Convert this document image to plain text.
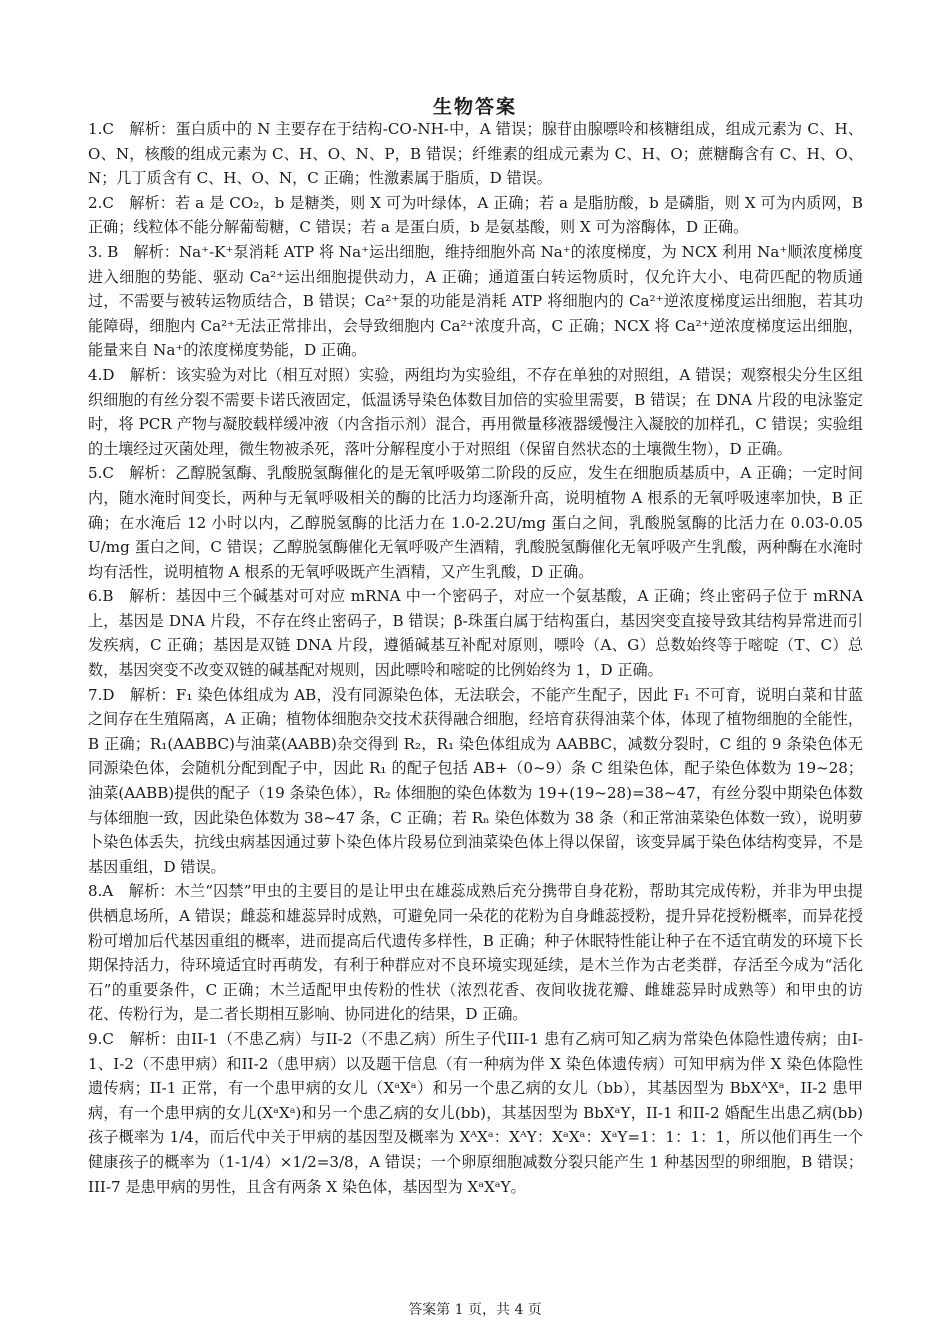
生物答案

1.C　解析：蛋白质中的 N 主要存在于结构-CO-NH-中，A 错误；腺苷由腺嘌呤和核糖组成，组成元素为 C、H、O、N，核酸的组成元素为 C、H、O、N、P，B 错误；纤维素的组成元素为 C、H、O；蔗糖酶含有 C、H、O、N；几丁质含有 C、H、O、N，C 正确；性激素属于脂质，D 错误。

2.C　解析：若 a 是 CO₂，b 是糖类，则 X 可为叶绿体，A 正确；若 a 是脂肪酸，b 是磷脂，则 X 可为内质网，B 正确；线粒体不能分解葡萄糖，C 错误；若 a 是蛋白质，b 是氨基酸，则 X 可为溶酶体，D 正确。

3. B　解析：Na⁺-K⁺泵消耗 ATP 将 Na⁺运出细胞，维持细胞外高 Na⁺的浓度梯度，为 NCX 利用 Na⁺顺浓度梯度进入细胞的势能、驱动 Ca²⁺运出细胞提供动力，A 正确；通道蛋白转运物质时，仅允许大小、电荷匹配的物质通过，不需要与被转运物质结合，B 错误；Ca²⁺泵的功能是消耗 ATP 将细胞内的 Ca²⁺逆浓度梯度运出细胞，若其功能障碍，细胞内 Ca²⁺无法正常排出，会导致细胞内 Ca²⁺浓度升高，C 正确；NCX 将 Ca²⁺逆浓度梯度运出细胞，能量来自 Na⁺的浓度梯度势能，D 正确。

4.D　解析：该实验为对比（相互对照）实验，两组均为实验组，不存在单独的对照组，A 错误；观察根尖分生区组织细胞的有丝分裂不需要卡诺氏液固定，低温诱导染色体数目加倍的实验里需要，B 错误；在 DNA 片段的电泳鉴定时，将 PCR 产物与凝胶载样缓冲液（内含指示剂）混合，再用微量移液器缓慢注入凝胶的加样孔，C 错误；实验组的土壤经过灭菌处理，微生物被杀死，落叶分解程度小于对照组（保留自然状态的土壤微生物），D 正确。

5.C　解析：乙醇脱氢酶、乳酸脱氢酶催化的是无氧呼吸第二阶段的反应，发生在细胞质基质中，A 正确；一定时间内，随水淹时间变长，两种与无氧呼吸相关的酶的比活力均逐渐升高，说明植物 A 根系的无氧呼吸速率加快，B 正确；在水淹后 12 小时以内，乙醇脱氢酶的比活力在 1.0-2.2U/mg 蛋白之间，乳酸脱氢酶的比活力在 0.03-0.05 U/mg 蛋白之间，C 错误；乙醇脱氢酶催化无氧呼吸产生酒精，乳酸脱氢酶催化无氧呼吸产生乳酸，两种酶在水淹时均有活性，说明植物 A 根系的无氧呼吸既产生酒精，又产生乳酸，D 正确。

6.B　解析：基因中三个碱基对可对应 mRNA 中一个密码子，对应一个氨基酸，A 正确；终止密码子位于 mRNA 上，基因是 DNA 片段，不存在终止密码子，B 错误；β-珠蛋白属于结构蛋白，基因突变直接导致其结构异常进而引发疾病，C 正确；基因是双链 DNA 片段，遵循碱基互补配对原则，嘌呤（A、G）总数始终等于嘧啶（T、C）总数，基因突变不改变双链的碱基配对规则，因此嘌呤和嘧啶的比例始终为 1，D 正确。

7.D　解析：F₁ 染色体组成为 AB，没有同源染色体，无法联会，不能产生配子，因此 F₁ 不可育，说明白菜和甘蓝之间存在生殖隔离，A 正确；植物体细胞杂交技术获得融合细胞，经培育获得油菜个体，体现了植物细胞的全能性，B 正确；R₁(AABBC)与油菜(AABB)杂交得到 R₂，R₁ 染色体组成为 AABBC，减数分裂时，C 组的 9 条染色体无同源染色体，会随机分配到配子中，因此 R₁ 的配子包括 AB+（0~9）条 C 组染色体，配子染色体数为 19~28；油菜(AABB)提供的配子（19 条染色体），R₂ 体细胞的染色体数为 19+(19~28)=38~47，有丝分裂中期染色体数与体细胞一致，因此染色体数为 38~47 条，C 正确；若 Rₙ 染色体数为 38 条（和正常油菜染色体数一致），说明萝卜染色体丢失，抗线虫病基因通过萝卜染色体片段易位到油菜染色体上得以保留，该变异属于染色体结构变异，不是基因重组，D 错误。

8.A　解析：木兰“囚禁”甲虫的主要目的是让甲虫在雄蕊成熟后充分携带自身花粉，帮助其完成传粉，并非为甲虫提供栖息场所，A 错误；雌蕊和雄蕊异时成熟，可避免同一朵花的花粉为自身雌蕊授粉，提升异花授粉概率，而异花授粉可增加后代基因重组的概率，进而提高后代遗传多样性，B 正确；种子休眠特性能让种子在不适宜萌发的环境下长期保持活力，待环境适宜时再萌发，有利于种群应对不良环境实现延续，是木兰作为古老类群，存活至今成为“活化石”的重要条件，C 正确；木兰适配甲虫传粉的性状（浓烈花香、夜间收拢花瓣、雌雄蕊异时成熟等）和甲虫的访花、传粉行为，是二者长期相互影响、协同进化的结果，D 正确。

9.C　解析：由II-1（不患乙病）与II-2（不患乙病）所生子代III-1 患有乙病可知乙病为常染色体隐性遗传病；由I-1、I-2（不患甲病）和II-2（患甲病）以及题干信息（有一种病为伴 X 染色体遗传病）可知甲病为伴 X 染色体隐性遗传病；II-1 正常，有一个患甲病的女儿（XᵃXᵃ）和另一个患乙病的女儿（bb），其基因型为 BbXᴬXᵃ，II-2 患甲病，有一个患甲病的女儿(XᵃXᵃ)和另一个患乙病的女儿(bb)，其基因型为 BbXᵃY，II-1 和II-2 婚配生出患乙病(bb)孩子概率为 1/4，而后代中关于甲病的基因型及概率为 XᴬXᵃ：XᴬY：XᵃXᵃ：XᵃY=1：1：1：1，所以他们再生一个健康孩子的概率为（1-1/4）×1/2=3/8，A 错误；一个卵原细胞减数分裂只能产生 1 种基因型的卵细胞，B 错误；III-7 是患甲病的男性，且含有两条 X 染色体，基因型为 XᵃXᵃY。

答案第 1 页，共 4 页
